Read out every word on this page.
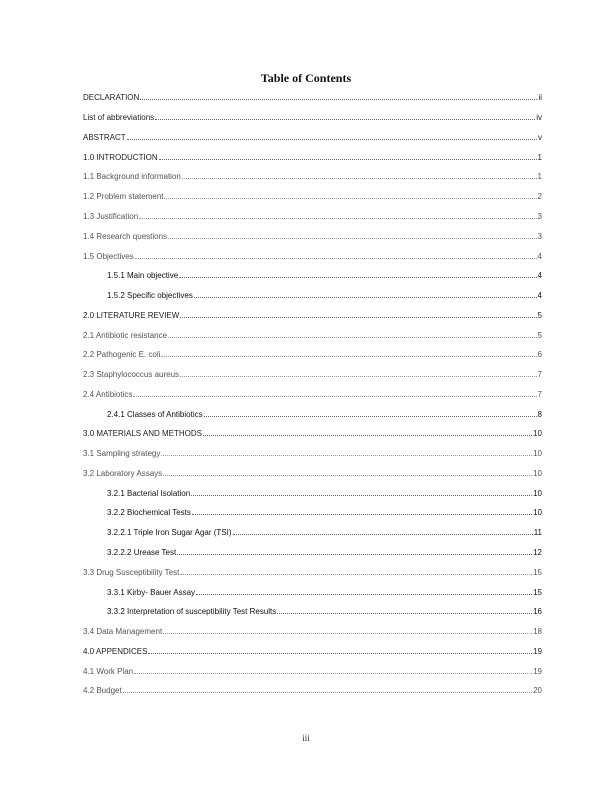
Table of Contents
DECLARATION	ii
List of abbreviations	iv
ABSTRACT	v
1.0 INTRODUCTION	1
1.1 Background information	1
1.2 Problem statement	2
1.3 Justification	3
1.4 Research questions	3
1.5 Objectives	4
1.5.1 Main objective	4
1.5.2 Specific objectives	4
2.0 LITERATURE REVIEW	5
2.1 Antibiotic resistance	5
2.2 Pathogenic E. coli	6
2.3 Staphylococcus aureus	7
2.4 Antibiotics	7
2.4.1 Classes of Antibiotics	8
3.0 MATERIALS AND METHODS	10
3.1 Sampling strategy	10
3.2 Laboratory Assays	10
3.2.1 Bacterial Isolation	10
3.2.2 Biochemical Tests	10
3.2.2.1 Triple Iron Sugar Agar (TSI)	11
3.2.2.2 Urease Test	12
3.3 Drug Susceptibility Test	15
3.3.1 Kirby- Bauer Assay	15
3.3.2 Interpretation of susceptibility Test Results	16
3.4 Data Management	18
4.0 APPENDICES	19
4.1 Work Plan	19
4.2 Budget	20
iii
